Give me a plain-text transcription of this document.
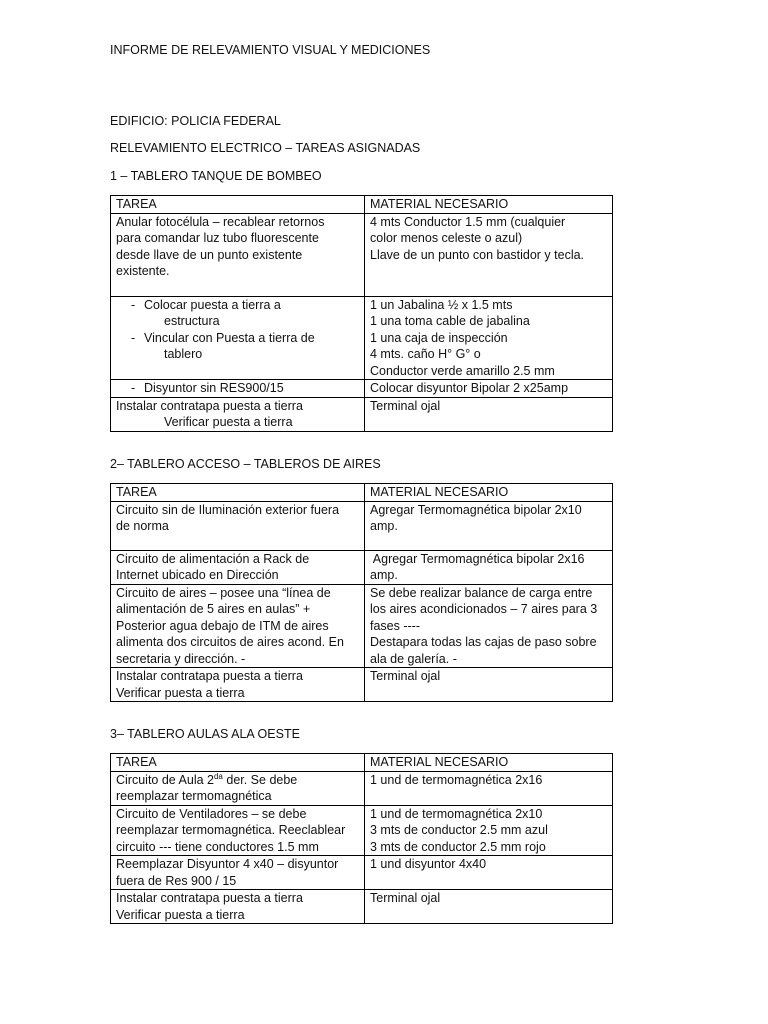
INFORME DE RELEVAMIENTO VISUAL Y MEDICIONES
EDIFICIO: POLICIA FEDERAL
RELEVAMIENTO ELECTRICO – TAREAS ASIGNADAS
1 – TABLERO TANQUE DE BOMBEO
TAREA	MATERIAL NECESARIO

Anular fotocélula – recablear retornos
para comandar luz tubo fluorescente
desde llave de un punto existente
existente.	4 mts Conductor 1.5 mm (cualquier
color menos celeste o azul)
Llave de un punto con bastidor y tecla.

- Colocar puesta a tierra a
estructura
- Vincular con Puesta a tierra de
tablero	1 un Jabalina ½ x 1.5 mts
1 una toma cable de jabalina
1 una caja de inspección
4 mts. caño H° G° o
Conductor verde amarillo 2.5 mm

- Disyuntor sin RES900/15	Colocar disyuntor Bipolar 2 x25amp

Instalar contratapa puesta a tierra
Verificar puesta a tierra	Terminal ojal
2– TABLERO ACCESO – TABLEROS DE AIRES
TAREA	MATERIAL NECESARIO

Circuito sin de Iluminación exterior fuera
de norma	Agregar Termomagnética bipolar 2x10
amp.

Circuito de alimentación a Rack de
Internet ubicado en Dirección	Agregar Termomagnética bipolar 2x16
amp.

Circuito de aires – posee una “línea de
alimentación de 5 aires en aulas” +
Posterior agua debajo de ITM de aires
alimenta dos circuitos de aires acond. En
secretaria y dirección. -	Se debe realizar balance de carga entre
los aires acondicionados – 7 aires para 3
fases ----
Destapara todas las cajas de paso sobre
ala de galería. -

Instalar contratapa puesta a tierra
Verificar puesta a tierra	Terminal ojal
3– TABLERO AULAS ALA OESTE
TAREA	MATERIAL NECESARIO

Circuito de Aula $2^{da}$ der. Se debe
reemplazar termomagnética	1 und de termomagnética 2x16

Circuito de Ventiladores – se debe
reemplazar termomagnética. Reeclablear
circuito --- tiene conductores 1.5 mm	1 und de termomagnética 2x10
3 mts de conductor 2.5 mm azul
3 mts de conductor 2.5 mm rojo

Reemplazar Disyuntor 4 x40 – disyuntor
fuera de Res 900 / 15	1 und disyuntor 4x40

Instalar contratapa puesta a tierra
Verificar puesta a tierra	Terminal ojal
